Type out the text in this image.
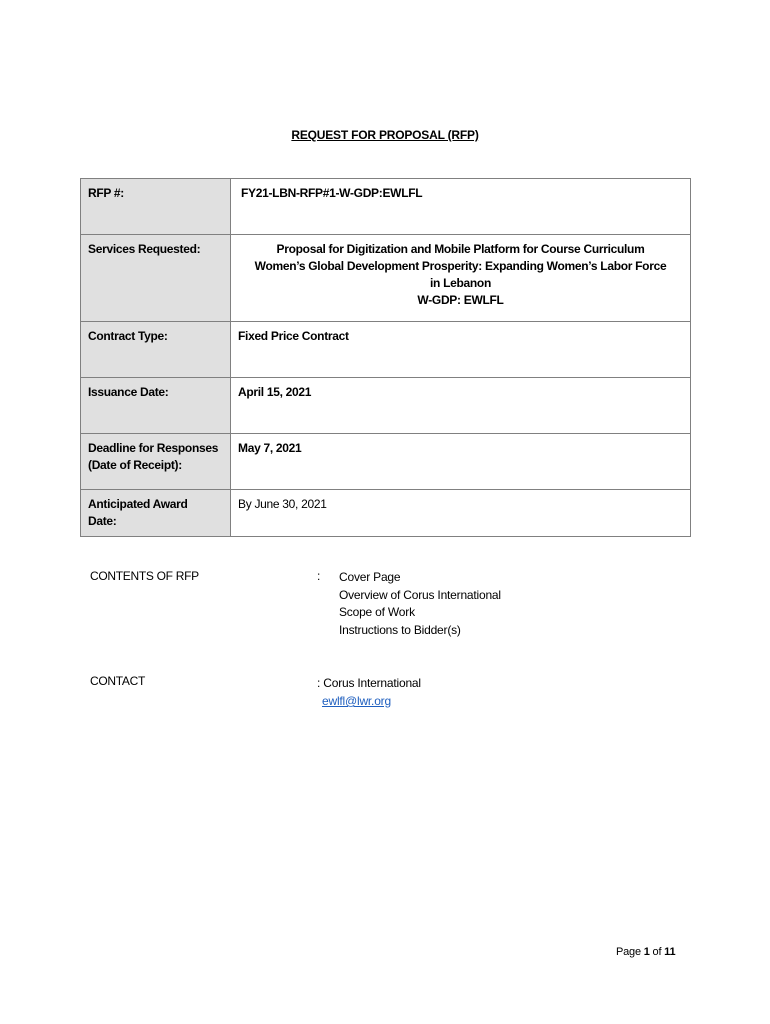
REQUEST FOR PROPOSAL (RFP)
RFP #:	FY21-LBN-RFP#1-W-GDP:EWLFL
Services Requested:	Proposal for Digitization and Mobile Platform for Course Curriculum
Women’s Global Development Prosperity: Expanding Women’s Labor Force
in Lebanon
W-GDP: EWLFL

Contract Type:	Fixed Price Contract
Issuance Date:	April 15, 2021

Deadline for Responses
(Date of Receipt):	May 7, 2021

Anticipated Award
Date:	By June 30, 2021
CONTENTS OF RFP	: Cover Page
Overview of Corus International
Scope of Work
Instructions to Bidder(s)
CONTACT	: Corus International
ewlfl@lwr.org
Page 1 of 11
